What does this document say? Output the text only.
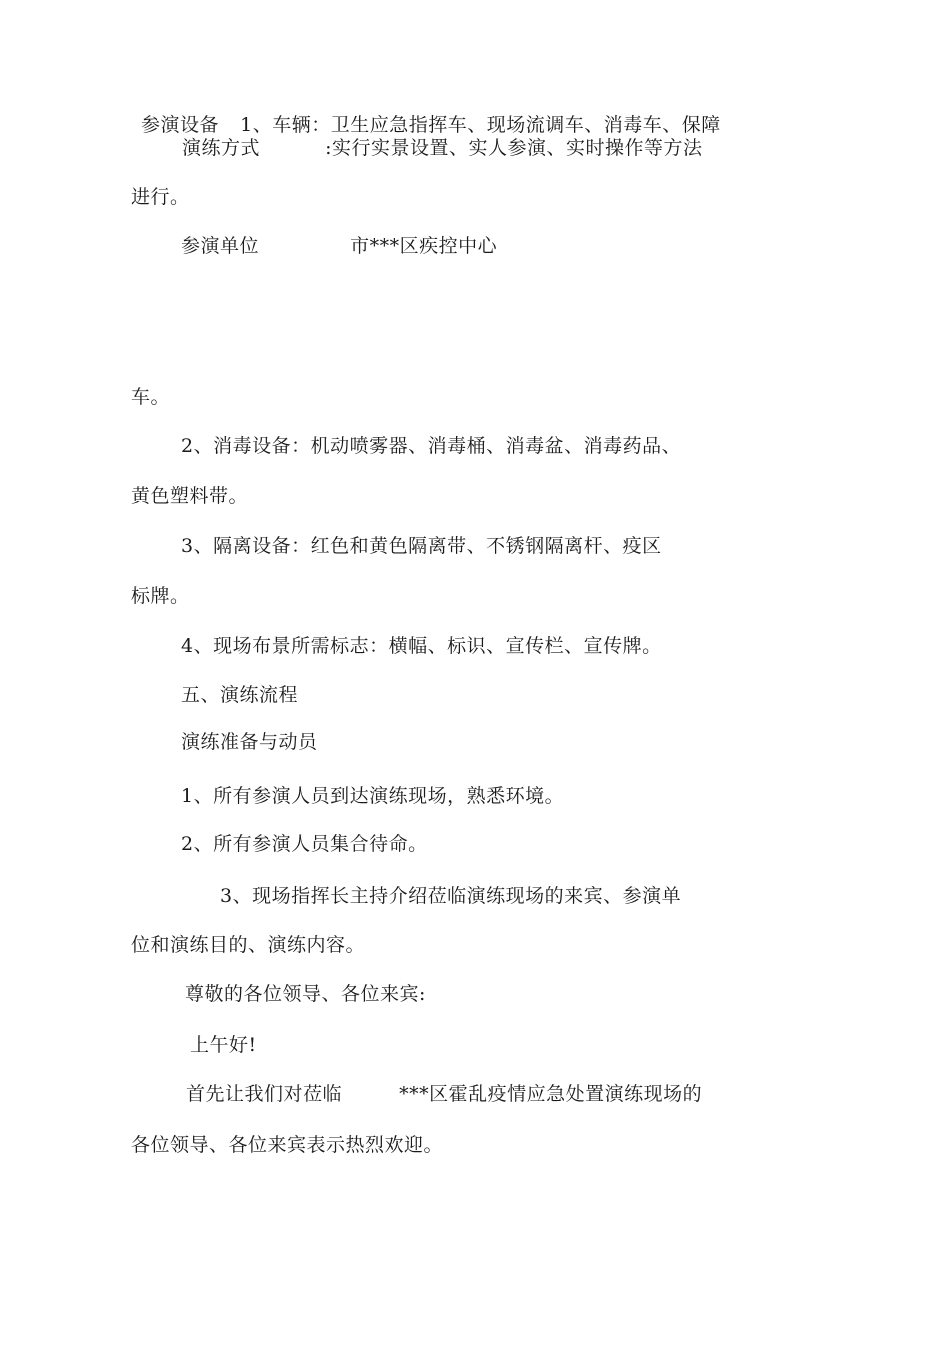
参演设备 1、车辆：卫生应急指挥车、现场流调车、消毒车、保障
演练方式	:实行实景设置、实人参演、实时操作等方法
进行。
参演单位	市***区疾控中心
车。
2、消毒设备：机动喷雾器、消毒桶、消毒盆、消毒药品、
黄色塑料带。
3、隔离设备：红色和黄色隔离带、不锈钢隔离杆、疫区
标牌。
4、现场布景所需标志：横幅、标识、宣传栏、宣传牌。
五、演练流程
演练准备与动员
1、所有参演人员到达演练现场，熟悉环境。
2、所有参演人员集合待命。
3、现场指挥长主持介绍莅临演练现场的来宾、参演单
位和演练目的、演练内容。
尊敬的各位领导、各位来宾:
上午好!
首先让我们对莅临	***区霍乱疫情应急处置演练现场的
各位领导、各位来宾表示热烈欢迎。
